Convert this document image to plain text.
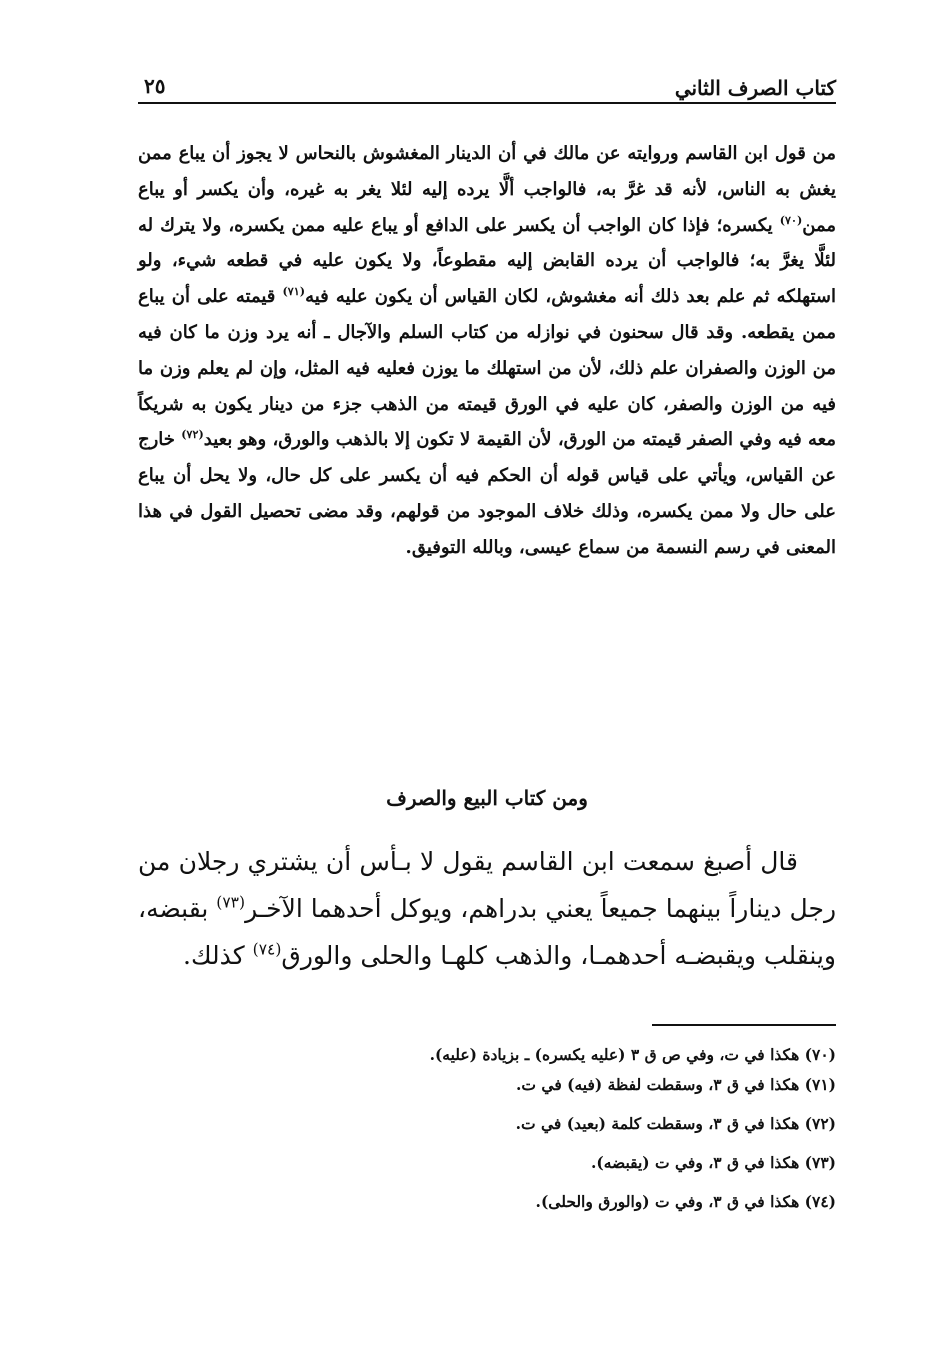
كتاب الصرف الثاني
٢٥
من قول ابن القاسم وروايته عن مالك في أن الدينار المغشوش بالنحاس لا يجوز أن يباع ممن يغش به الناس، لأنه قد غرَّ به، فالواجب ألَّا يرده إليه لئلا يغر به غيره، وأن يكسر أو يباع ممن$^{(٧٠)}$ يكسره؛ فإذا كان الواجب أن يكسر على الدافع أو يباع عليه ممن يكسره، ولا يترك له لئلَّا يغرَّ به؛ فالواجب أن يرده القابض إليه مقطوعاً، ولا يكون عليه في قطعه شيء، ولو استهلكه ثم علم بعد ذلك أنه مغشوش، لكان القياس أن يكون عليه فيه$^{(٧١)}$ قيمته على أن يباع ممن يقطعه. وقد قال سحنون في نوازله من كتاب السلم والآجال ـ أنه يرد وزن ما كان فيه من الوزن والصفران علم ذلك، لأن من استهلك ما يوزن فعليه فيه المثل، وإن لم يعلم وزن ما فيه من الوزن والصفر، كان عليه في الورق قيمته من الذهب جزء من دينار يكون به شريكاً معه فيه وفي الصفر قيمته من الورق، لأن القيمة لا تكون إلا بالذهب والورق، وهو بعيد$^{(٧٢)}$ خارج عن القياس، ويأتي على قياس قوله أن الحكم فيه أن يكسر على كل حال، ولا يحل أن يباع على حال ولا ممن يكسره، وذلك خلاف الموجود من قولهم، وقد مضى تحصيل القول في هذا المعنى في رسم النسمة من سماع عيسى، وبالله التوفيق.
ومن كتاب البيع والصرف
قال أصبغ سمعت ابن القاسم يقول لا بـأس أن يشتري رجلان من رجل ديناراً بينهما جميعاً يعني بدراهم، ويوكل أحدهما الآخـر$^{(٧٣)}$ بقبضه، وينقلب ويقبضـه أحدهمـا، والذهب كلهـا والحلى والورق$^{(٧٤)}$ كذلك.
(٧٠) هكذا في ت، وفي ص ق ٣ (عليه يكسره) ـ بزيادة (عليه).
(٧١) هكذا في ق ٣، وسقطت لفظة (فيه) في ت.
(٧٢) هكذا في ق ٣، وسقطت كلمة (بعيد) في ت.
(٧٣) هكذا في ق ٣، وفي ت (يقبضه).
(٧٤) هكذا في ق ٣، وفي ت (والورق والحلى).
